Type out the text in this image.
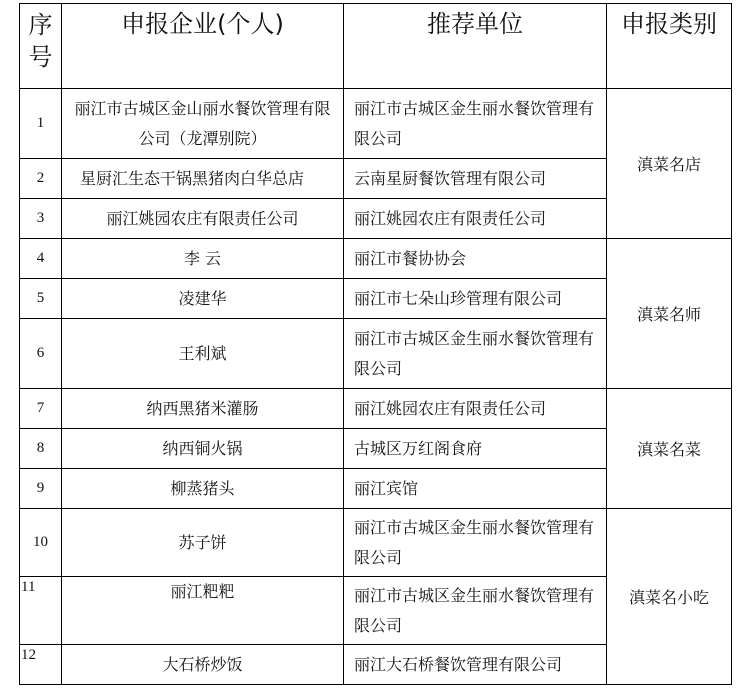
序号	申报企业(个人)	推荐单位	申报类别
1	丽江市古城区金山丽水餐饮管理有限公司（龙潭别院）	丽江市古城区金生丽水餐饮管理有限公司	滇菜名店
2	星厨汇生态干锅黑猪肉白华总店	云南星厨餐饮管理有限公司	
3	丽江姚园农庄有限责任公司	丽江姚园农庄有限责任公司	
4	李 云	丽江市餐协协会	滇菜名师
5	凌建华	丽江市七朵山珍管理有限公司	
6	王利斌	丽江市古城区金生丽水餐饮管理有限公司	
7	纳西黑猪米灌肠	丽江姚园农庄有限责任公司	滇菜名菜
8	纳西铜火锅	古城区万红阁食府	
9	柳蒸猪头	丽江宾馆	
10	苏子饼	丽江市古城区金生丽水餐饮管理有限公司	滇菜名小吃
11	丽江粑粑	丽江市古城区金生丽水餐饮管理有限公司	
12	大石桥炒饭	丽江大石桥餐饮管理有限公司	
